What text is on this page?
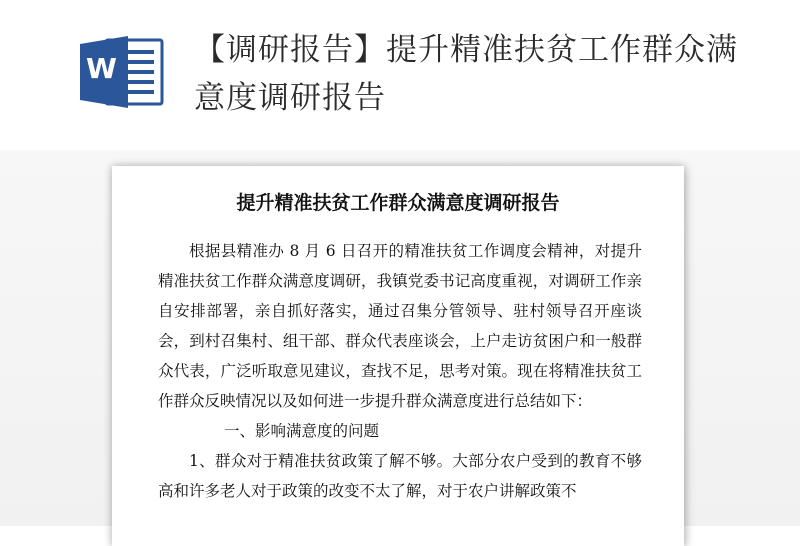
W
【调研报告】提升精准扶贫工作群众满意度调研报告
提升精准扶贫工作群众满意度调研报告

根据县精准办 8 月 6 日召开的精准扶贫工作调度会精神，对提升精准扶贫工作群众满意度调研，我镇党委书记高度重视，对调研工作亲自安排部署，亲自抓好落实，通过召集分管领导、驻村领导召开座谈会，到村召集村、组干部、群众代表座谈会，上户走访贫困户和一般群众代表，广泛听取意见建议，查找不足，思考对策。现在将精准扶贫工作群众反映情况以及如何进一步提升群众满意度进行总结如下：

一、影响满意度的问题

1、群众对于精准扶贫政策了解不够。大部分农户受到的教育不够高和许多老人对于政策的改变不太了解，对于农户讲解政策不
